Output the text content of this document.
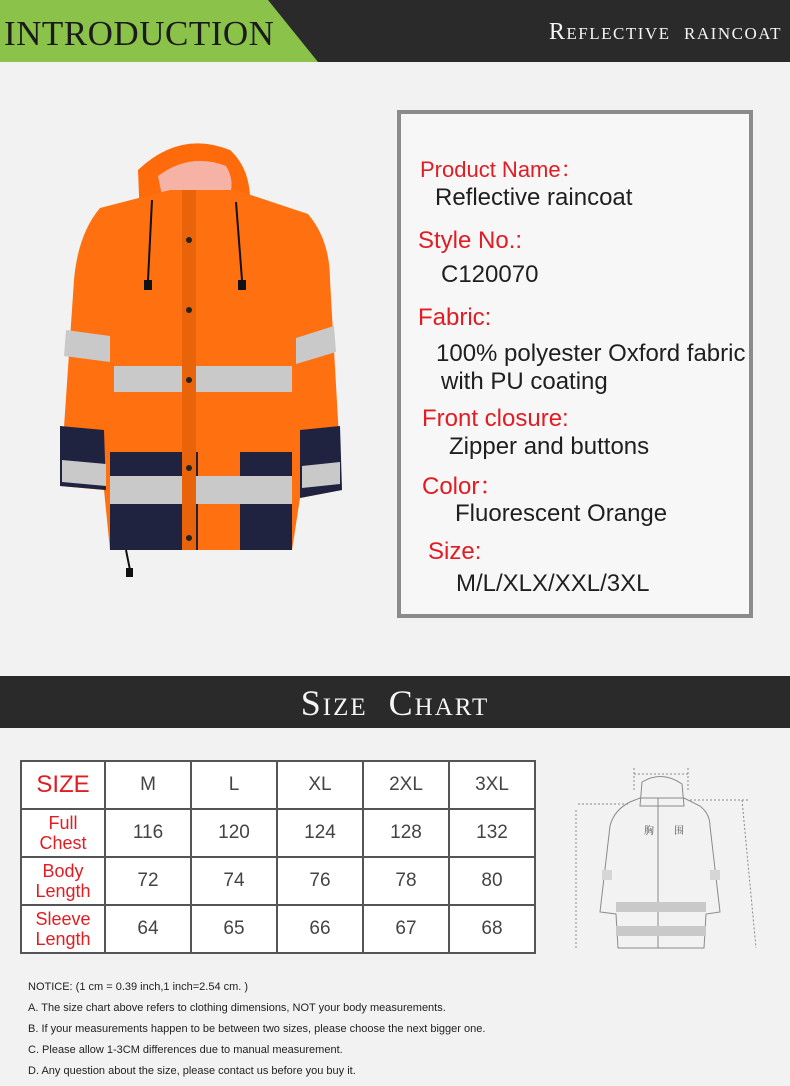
INTRODUCTION	Reflective raincoat
Product Name：
Reflective raincoat
Style No.:
C120070
Fabric:
100% polyester Oxford fabric
with PU coating
Front closure:
Zipper and buttons
Color：
Fluorescent Orange
Size:
M/L/XLX/XXL/3XL
Size Chart
SIZE	M	L	XL	2XL	3XL
Full
Chest	116	120	124	128	132
Body
Length	72	74	76	78	80
Sleeve
Length	64	65	66	67	68
胸 围
NOTICE: (1 cm = 0.39 inch,1 inch=2.54 cm. )
A. The size chart above refers to clothing dimensions, NOT your body measurements.
B. If your measurements happen to be between two sizes, please choose the next bigger one.
C. Please allow 1-3CM differences due to manual measurement.
D. Any question about the size, please contact us before you buy it.
